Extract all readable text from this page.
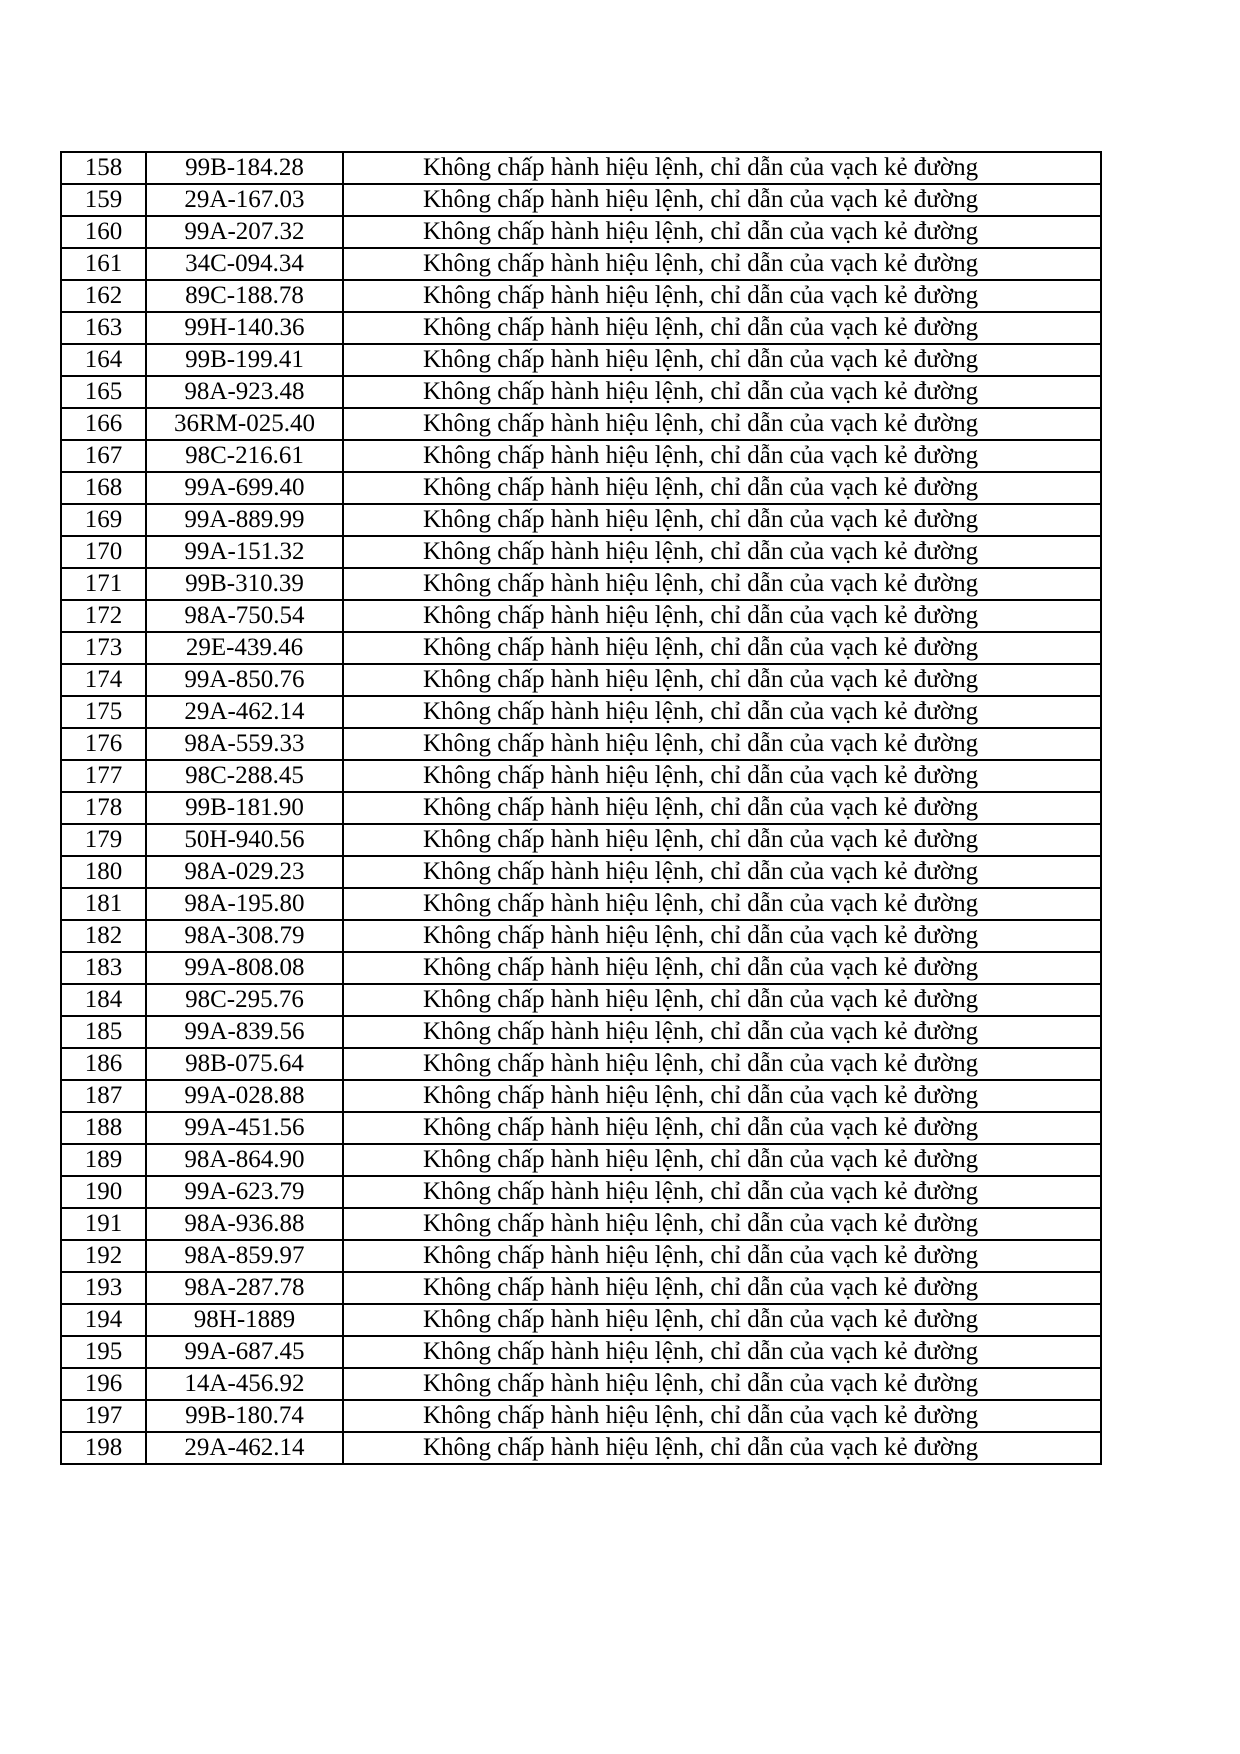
158	99B-184.28	Không chấp hành hiệu lệnh, chỉ dẫn của vạch kẻ đường
159	29A-167.03	Không chấp hành hiệu lệnh, chỉ dẫn của vạch kẻ đường
160	99A-207.32	Không chấp hành hiệu lệnh, chỉ dẫn của vạch kẻ đường
161	34C-094.34	Không chấp hành hiệu lệnh, chỉ dẫn của vạch kẻ đường
162	89C-188.78	Không chấp hành hiệu lệnh, chỉ dẫn của vạch kẻ đường
163	99H-140.36	Không chấp hành hiệu lệnh, chỉ dẫn của vạch kẻ đường
164	99B-199.41	Không chấp hành hiệu lệnh, chỉ dẫn của vạch kẻ đường
165	98A-923.48	Không chấp hành hiệu lệnh, chỉ dẫn của vạch kẻ đường
166	36RM-025.40	Không chấp hành hiệu lệnh, chỉ dẫn của vạch kẻ đường
167	98C-216.61	Không chấp hành hiệu lệnh, chỉ dẫn của vạch kẻ đường
168	99A-699.40	Không chấp hành hiệu lệnh, chỉ dẫn của vạch kẻ đường
169	99A-889.99	Không chấp hành hiệu lệnh, chỉ dẫn của vạch kẻ đường
170	99A-151.32	Không chấp hành hiệu lệnh, chỉ dẫn của vạch kẻ đường
171	99B-310.39	Không chấp hành hiệu lệnh, chỉ dẫn của vạch kẻ đường
172	98A-750.54	Không chấp hành hiệu lệnh, chỉ dẫn của vạch kẻ đường
173	29E-439.46	Không chấp hành hiệu lệnh, chỉ dẫn của vạch kẻ đường
174	99A-850.76	Không chấp hành hiệu lệnh, chỉ dẫn của vạch kẻ đường
175	29A-462.14	Không chấp hành hiệu lệnh, chỉ dẫn của vạch kẻ đường
176	98A-559.33	Không chấp hành hiệu lệnh, chỉ dẫn của vạch kẻ đường
177	98C-288.45	Không chấp hành hiệu lệnh, chỉ dẫn của vạch kẻ đường
178	99B-181.90	Không chấp hành hiệu lệnh, chỉ dẫn của vạch kẻ đường
179	50H-940.56	Không chấp hành hiệu lệnh, chỉ dẫn của vạch kẻ đường
180	98A-029.23	Không chấp hành hiệu lệnh, chỉ dẫn của vạch kẻ đường
181	98A-195.80	Không chấp hành hiệu lệnh, chỉ dẫn của vạch kẻ đường
182	98A-308.79	Không chấp hành hiệu lệnh, chỉ dẫn của vạch kẻ đường
183	99A-808.08	Không chấp hành hiệu lệnh, chỉ dẫn của vạch kẻ đường
184	98C-295.76	Không chấp hành hiệu lệnh, chỉ dẫn của vạch kẻ đường
185	99A-839.56	Không chấp hành hiệu lệnh, chỉ dẫn của vạch kẻ đường
186	98B-075.64	Không chấp hành hiệu lệnh, chỉ dẫn của vạch kẻ đường
187	99A-028.88	Không chấp hành hiệu lệnh, chỉ dẫn của vạch kẻ đường
188	99A-451.56	Không chấp hành hiệu lệnh, chỉ dẫn của vạch kẻ đường
189	98A-864.90	Không chấp hành hiệu lệnh, chỉ dẫn của vạch kẻ đường
190	99A-623.79	Không chấp hành hiệu lệnh, chỉ dẫn của vạch kẻ đường
191	98A-936.88	Không chấp hành hiệu lệnh, chỉ dẫn của vạch kẻ đường
192	98A-859.97	Không chấp hành hiệu lệnh, chỉ dẫn của vạch kẻ đường
193	98A-287.78	Không chấp hành hiệu lệnh, chỉ dẫn của vạch kẻ đường
194	98H-1889	Không chấp hành hiệu lệnh, chỉ dẫn của vạch kẻ đường
195	99A-687.45	Không chấp hành hiệu lệnh, chỉ dẫn của vạch kẻ đường
196	14A-456.92	Không chấp hành hiệu lệnh, chỉ dẫn của vạch kẻ đường
197	99B-180.74	Không chấp hành hiệu lệnh, chỉ dẫn của vạch kẻ đường
198	29A-462.14	Không chấp hành hiệu lệnh, chỉ dẫn của vạch kẻ đường
